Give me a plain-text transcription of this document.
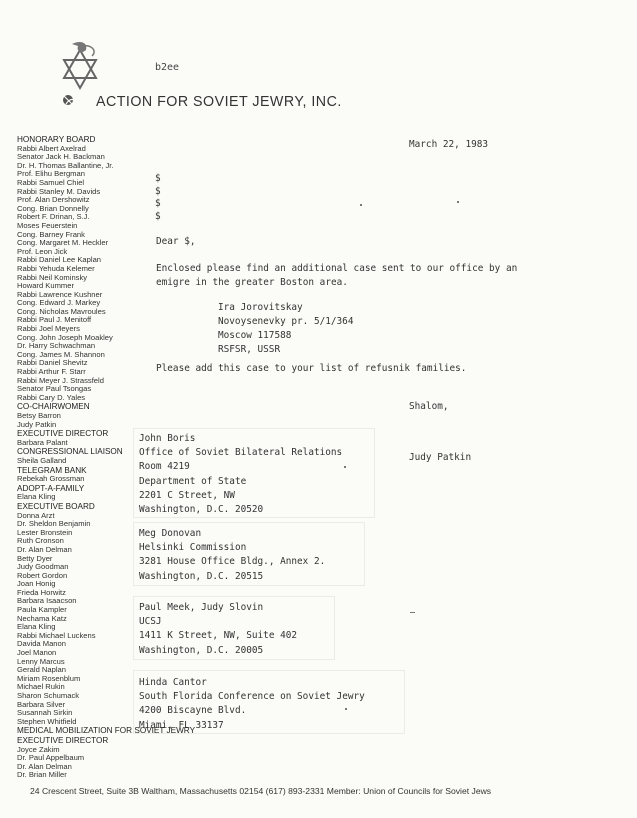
b2ee
ACTION FOR SOVIET JEWRY, INC.
HONORARY BOARD
Rabbi Albert Axelrad
Senator Jack H. Backman
Dr. H. Thomas Ballantine, Jr.
Prof. Elihu Bergman
Rabbi Samuel Chiel
Rabbi Stanley M. Davids
Prof. Alan Dershowitz
Cong. Brian Donnelly
Robert F. Drinan, S.J.
Moses Feuerstein
Cong. Barney Frank
Cong. Margaret M. Heckler
Prof. Leon Jick
Rabbi Daniel Lee Kaplan
Rabbi Yehuda Kelemer
Rabbi Neil Kominsky
Howard Kummer
Rabbi Lawrence Kushner
Cong. Edward J. Markey
Cong. Nicholas Mavroules
Rabbi Paul J. Menitoff
Rabbi Joel Meyers
Cong. John Joseph Moakley
Dr. Harry Schwachman
Cong. James M. Shannon
Rabbi Daniel Shevitz
Rabbi Arthur F. Starr
Rabbi Meyer J. Strassfeld
Senator Paul Tsongas
Rabbi Cary D. Yales
CO-CHAIRWOMEN
Betsy Barron
Judy Patkin
EXECUTIVE DIRECTOR
Barbara Palant
CONGRESSIONAL LIAISON
Sheila Galland
TELEGRAM BANK
Rebekah Grossman
ADOPT-A-FAMILY
Elana Kling
EXECUTIVE BOARD
Donna Arzt
Dr. Sheldon Benjamin
Lester Bronstein
Ruth Cronson
Dr. Alan Delman
Betty Dyer
Judy Goodman
Robert Gordon
Joan Honig
Frieda Horwitz
Barbara Isaacson
Paula Kampler
Nechama Katz
Elana Kling
Rabbi Michael Luckens
Davida Manon
Joel Manon
Lenny Marcus
Gerald Naplan
Miriam Rosenblum
Michael Rukin
Sharon Schumack
Barbara Silver
Susannah Sirkin
Stephen Whitfield
MEDICAL MOBILIZATION FOR SOVIET JEWRY
EXECUTIVE DIRECTOR
Joyce Zakim
Dr. Paul Appelbaum
Dr. Alan Delman
Dr. Brian Miller
March 22, 1983
$
$
$
$
Dear $,
Enclosed please find an additional case sent to our office by an
emigre in the greater Boston area.
Ira Jorovitskay
Novoysenevky pr. 5/1/364
Moscow 117588
RSFSR, USSR
Please add this case to your list of refusnik families.
Shalom,
Judy Patkin
John Boris
Office of Soviet Bilateral Relations
Room 4219
Department of State
2201 C Street, NW
Washington, D.C. 20520
Meg Donovan
Helsinki Commission
3281 House Office Bldg., Annex 2.
Washington, D.C. 20515
Paul Meek, Judy Slovin
UCSJ
1411 K Street, NW, Suite 402
Washington, D.C. 20005
Hinda Cantor
South Florida Conference on Soviet Jewry
4200 Biscayne Blvd.
Miami, FL 33137
24 Crescent Street, Suite 3B Waltham, Massachusetts 02154 (617) 893-2331 Member: Union of Councils for Soviet Jews
